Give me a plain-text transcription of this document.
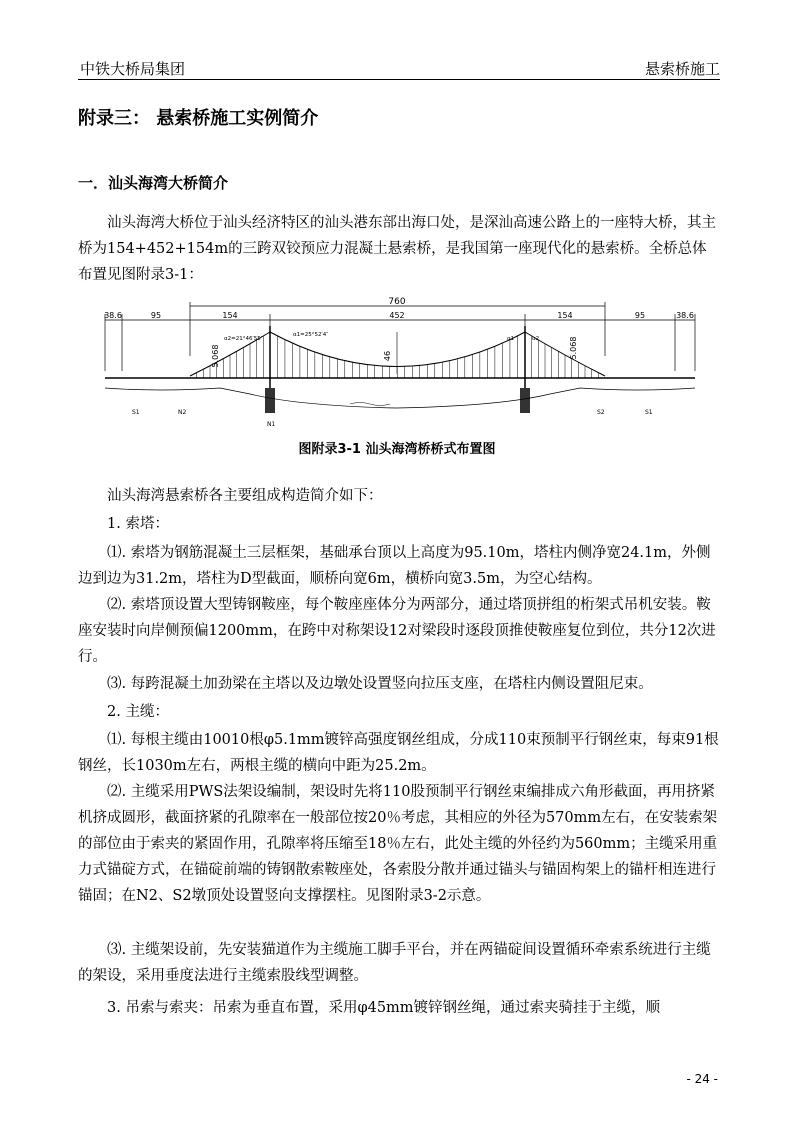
中铁大桥局集团	悬索桥施工
附录三： 悬索桥施工实例简介
一．汕头海湾大桥简介
汕头海湾大桥位于汕头经济特区的汕头港东部出海口处，是深汕高速公路上的一座特大桥，其主桥为154+452+154m的三跨双铰预应力混凝土悬索桥，是我国第一座现代化的悬索桥。全桥总体布置见图附录3-1：
760
38.6	95	154	452	154	95	38.6
46
5.068	5.068
α2=21°46′55″
α1=25°52′4″
α1	α2
S1	N2
N1
S2	S1
图附录3-1 汕头海湾桥桥式布置图
汕头海湾悬索桥各主要组成构造简介如下：
1. 索塔：
⑴. 索塔为钢筋混凝土三层框架，基础承台顶以上高度为95.10m，塔柱内侧净宽24.1m，外侧边到边为31.2m，塔柱为D型截面，顺桥向宽6m，横桥向宽3.5m，为空心结构。
⑵. 索塔顶设置大型铸钢鞍座，每个鞍座座体分为两部分，通过塔顶拼组的桁架式吊机安装。鞍座安装时向岸侧预偏1200mm，在跨中对称架设12对梁段时逐段顶推使鞍座复位到位，共分12次进行。
⑶. 每跨混凝土加劲梁在主塔以及边墩处设置竖向拉压支座，在塔柱内侧设置阻尼束。
2. 主缆：
⑴. 每根主缆由10010根φ5.1mm镀锌高强度钢丝组成，分成110束预制平行钢丝束，每束91根钢丝，长1030m左右，两根主缆的横向中距为25.2m。
⑵. 主缆采用PWS法架设编制，架设时先将110股预制平行钢丝束编排成六角形截面，再用挤紧机挤成圆形，截面挤紧的孔隙率在一般部位按20％考虑，其相应的外径为570mm左右，在安装索架的部位由于索夹的紧固作用，孔隙率将压缩至18％左右，此处主缆的外径约为560mm；主缆采用重力式锚碇方式，在锚碇前端的铸钢散索鞍座处，各索股分散并通过锚头与锚固构架上的锚杆相连进行锚固；在N2、S2墩顶处设置竖向支撑摆柱。见图附录3-2示意。
⑶. 主缆架设前，先安装猫道作为主缆施工脚手平台，并在两锚碇间设置循环牵索系统进行主缆的架设，采用垂度法进行主缆索股线型调整。
3. 吊索与索夹：吊索为垂直布置，采用φ45mm镀锌钢丝绳，通过索夹骑挂于主缆，顺
- 24 -
